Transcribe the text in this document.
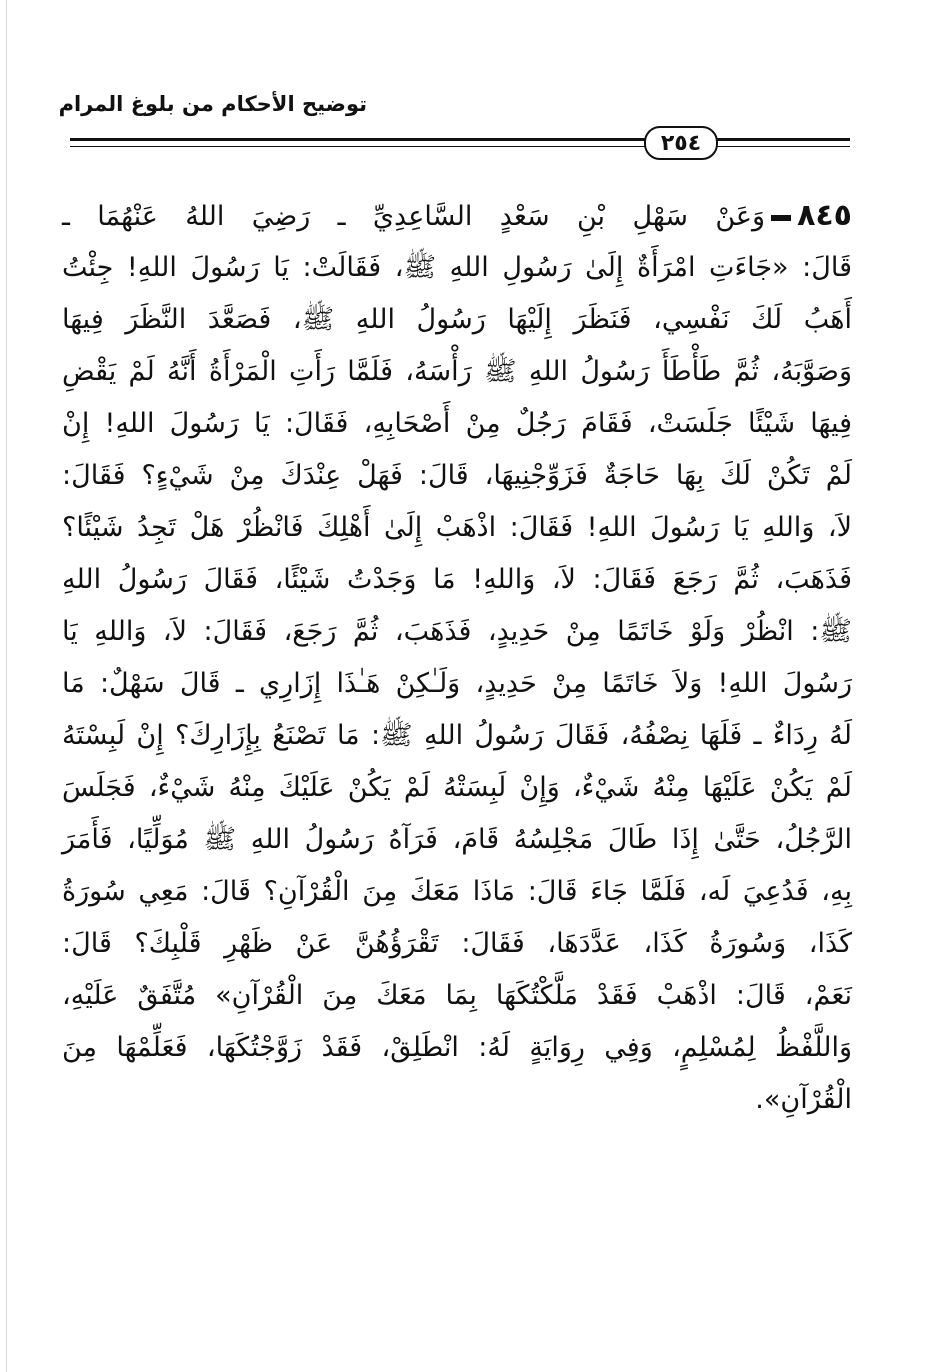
توضيح الأحكام من بلوغ المرام
٢٥٤
٨٤٥وَعَنْ سَهْلِ بْنِ سَعْدٍ السَّاعِدِيِّ ـ رَضِيَ اللهُ عَنْهُمَا ـ
قَالَ: «جَاءَتِ امْرَأَةٌ إِلَىٰ رَسُولِ اللهِ ﷺ، فَقَالَتْ: يَا رَسُولَ اللهِ! جِئْتُ
أَهَبُ لَكَ نَفْسِي، فَنَظَرَ إِلَيْهَا رَسُولُ اللهِ ﷺ، فَصَعَّدَ النَّظَرَ فِيهَا
وَصَوَّبَهُ، ثُمَّ طَأْطَأَ رَسُولُ اللهِ ﷺ رَأْسَهُ، فَلَمَّا رَأَتِ الْمَرْأَةُ أَنَّهُ لَمْ يَقْضِ
فِيهَا شَيْئًا جَلَسَتْ، فَقَامَ رَجُلٌ مِنْ أَصْحَابِهِ، فَقَالَ: يَا رَسُولَ اللهِ! إِنْ
لَمْ تَكُنْ لَكَ بِهَا حَاجَةٌ فَزَوِّجْنِيهَا، قَالَ: فَهَلْ عِنْدَكَ مِنْ شَيْءٍ؟ فَقَالَ:
لاَ، وَاللهِ يَا رَسُولَ اللهِ! فَقَالَ: اذْهَبْ إِلَىٰ أَهْلِكَ فَانْظُرْ هَلْ تَجِدُ شَيْئًا؟
فَذَهَبَ، ثُمَّ رَجَعَ فَقَالَ: لاَ، وَاللهِ! مَا وَجَدْتُ شَيْئًا، فَقَالَ رَسُولُ اللهِ
ﷺ: انْظُرْ وَلَوْ خَاتَمًا مِنْ حَدِيدٍ، فَذَهَبَ، ثُمَّ رَجَعَ، فَقَالَ: لاَ، وَاللهِ يَا
رَسُولَ اللهِ! وَلاَ خَاتَمًا مِنْ حَدِيدٍ، وَلَـٰكِنْ هَـٰذَا إِزَارِي ـ قَالَ سَهْلٌ: مَا
لَهُ رِدَاءٌ ـ فَلَهَا نِصْفُهُ، فَقَالَ رَسُولُ اللهِ ﷺ: مَا تَصْنَعُ بِإِزَارِكَ؟ إِنْ لَبِسْتَهُ
لَمْ يَكُنْ عَلَيْهَا مِنْهُ شَيْءٌ، وَإِنْ لَبِسَتْهُ لَمْ يَكُنْ عَلَيْكَ مِنْهُ شَيْءٌ، فَجَلَسَ
الرَّجُلُ، حَتَّىٰ إِذَا طَالَ مَجْلِسُهُ قَامَ، فَرَآهُ رَسُولُ اللهِ ﷺ مُوَلِّيًا، فَأَمَرَ
بِهِ، فَدُعِيَ لَه، فَلَمَّا جَاءَ قَالَ: مَاذَا مَعَكَ مِنَ الْقُرْآنِ؟ قَالَ: مَعِي سُورَةُ
كَذَا، وَسُورَةُ كَذَا، عَدَّدَهَا، فَقَالَ: تَقْرَؤُهُنَّ عَنْ ظَهْرِ قَلْبِكَ؟ قَالَ:
نَعَمْ، قَالَ: اذْهَبْ فَقَدْ مَلَّكْتُكَهَا بِمَا مَعَكَ مِنَ الْقُرْآنِ» مُتَّفَقٌ عَلَيْهِ،
وَاللَّفْظُ لِمُسْلِمٍ، وَفِي رِوَايَةٍ لَهُ: انْطَلِقْ، فَقَدْ زَوَّجْتُكَهَا، فَعَلِّمْهَا مِنَ
الْقُرْآنِ».
